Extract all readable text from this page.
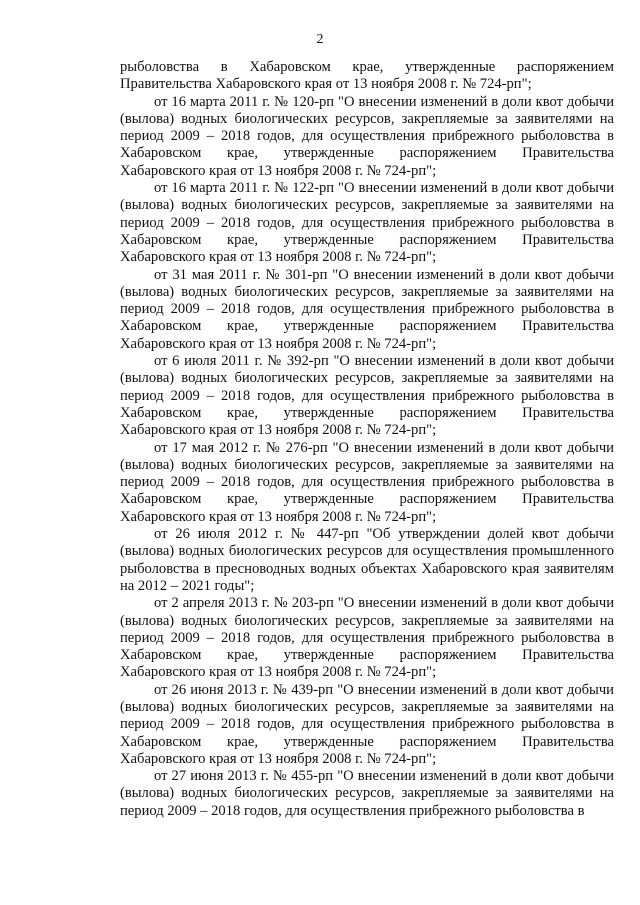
2

рыболовства в Хабаровском крае, утвержденные распоряжением Правительства Хабаровского края от 13 ноября 2008 г. № 724-рп";

от 16 марта 2011 г. № 120-рп "О внесении изменений в доли квот добычи (вылова) водных биологических ресурсов, закрепляемые за заявителями на период 2009 – 2018 годов, для осуществления прибрежного рыболовства в Хабаровском крае, утвержденные распоряжением Правительства Хабаровского края от 13 ноября 2008 г. № 724-рп";

от 16 марта 2011 г. № 122-рп "О внесении изменений в доли квот добычи (вылова) водных биологических ресурсов, закрепляемые за заявителями на период 2009 – 2018 годов, для осуществления прибрежного рыболовства в Хабаровском крае, утвержденные распоряжением Правительства Хабаровского края от 13 ноября 2008 г. № 724-рп";

от 31 мая 2011 г. № 301-рп "О внесении изменений в доли квот добычи (вылова) водных биологических ресурсов, закрепляемые за заявителями на период 2009 – 2018 годов, для осуществления прибрежного рыболовства в Хабаровском крае, утвержденные распоряжением Правительства Хабаровского края от 13 ноября 2008 г. № 724-рп";

от 6 июля 2011 г. № 392-рп "О внесении изменений в доли квот добычи (вылова) водных биологических ресурсов, закрепляемые за заявителями на период 2009 – 2018 годов, для осуществления прибрежного рыболовства в Хабаровском крае, утвержденные распоряжением Правительства Хабаровского края от 13 ноября 2008 г. № 724-рп";

от 17 мая 2012 г. № 276-рп "О внесении изменений в доли квот добычи (вылова) водных биологических ресурсов, закрепляемые за заявителями на период 2009 – 2018 годов, для осуществления прибрежного рыболовства в Хабаровском крае, утвержденные распоряжением Правительства Хабаровского края от 13 ноября 2008 г. № 724-рп";

от 26 июля 2012 г. № 447-рп "Об утверждении долей квот добычи (вылова) водных биологических ресурсов для осуществления промышленного рыболовства в пресноводных водных объектах Хабаровского края заявителям на 2012 – 2021 годы";

от 2 апреля 2013 г. № 203-рп "О внесении изменений в доли квот добычи (вылова) водных биологических ресурсов, закрепляемые за заявителями на период 2009 – 2018 годов, для осуществления прибрежного рыболовства в Хабаровском крае, утвержденные распоряжением Правительства Хабаровского края от 13 ноября 2008 г. № 724-рп";

от 26 июня 2013 г. № 439-рп "О внесении изменений в доли квот добычи (вылова) водных биологических ресурсов, закрепляемые за заявителями на период 2009 – 2018 годов, для осуществления прибрежного рыболовства в Хабаровском крае, утвержденные распоряжением Правительства Хабаровского края от 13 ноября 2008 г. № 724-рп";

от 27 июня 2013 г. № 455-рп "О внесении изменений в доли квот добычи (вылова) водных биологических ресурсов, закрепляемые за заявителями на период 2009 – 2018 годов, для осуществления прибрежного рыболовства в
